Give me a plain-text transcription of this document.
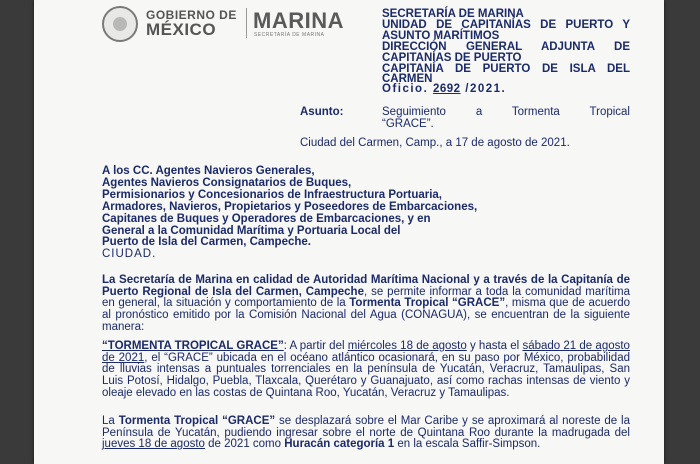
GOBIERNO DE
MÉXICO MARINA
SECRETARÍA DE MARINA
SECRETARÍA DE MARINA
UNIDAD DE CAPITANÍAS DE PUERTO Y
ASUNTO MARÍTIMOS
DIRECCIÓN GENERAL ADJUNTA DE
CAPITANÍAS DE PUERTO
CAPITANÍA DE PUERTO DE ISLA DEL
CARMEN
Oficio. 2692 /2021.
Asunto:	Seguimiento a Tormenta Tropical
“GRACE”.
Ciudad del Carmen, Camp., a 17 de agosto de 2021.
A los CC. Agentes Navieros Generales,
Agentes Navieros Consignatarios de Buques,
Permisionarios y Concesionarios de Infraestructura Portuaria,
Armadores, Navieros, Propietarios y Poseedores de Embarcaciones,
Capitanes de Buques y Operadores de Embarcaciones, y en
General a la Comunidad Marítima y Portuaria Local del
Puerto de Isla del Carmen, Campeche.
CIUDAD.
La Secretaría de Marina en calidad de Autoridad Marítima Nacional y a través de la Capitanía de Puerto Regional de Isla del Carmen, Campeche, se permite informar a toda la comunidad marítima en general, la situación y comportamiento de la Tormenta Tropical “GRACE”, misma que de acuerdo al pronóstico emitido por la Comisión Nacional del Agua (CONAGUA), se encuentran de la siguiente manera:
“TORMENTA TROPICAL GRACE”: A partir del miércoles 18 de agosto y hasta el sábado 21 de agosto de 2021, el “GRACE” ubicada en el océano atlántico ocasionará, en su paso por México, probabilidad de lluvias intensas a puntuales torrenciales en la península de Yucatán, Veracruz, Tamaulipas, San Luis Potosí, Hidalgo, Puebla, Tlaxcala, Querétaro y Guanajuato, así como rachas intensas de viento y oleaje elevado en las costas de Quintana Roo, Yucatán, Veracruz y Tamaulipas.
La Tormenta Tropical “GRACE” se desplazará sobre el Mar Caribe y se aproximará al noreste de la Península de Yucatán, pudiendo ingresar sobre el norte de Quintana Roo durante la madrugada del jueves 18 de agosto de 2021 como Huracán categoría 1 en la escala Saffir-Simpson.
